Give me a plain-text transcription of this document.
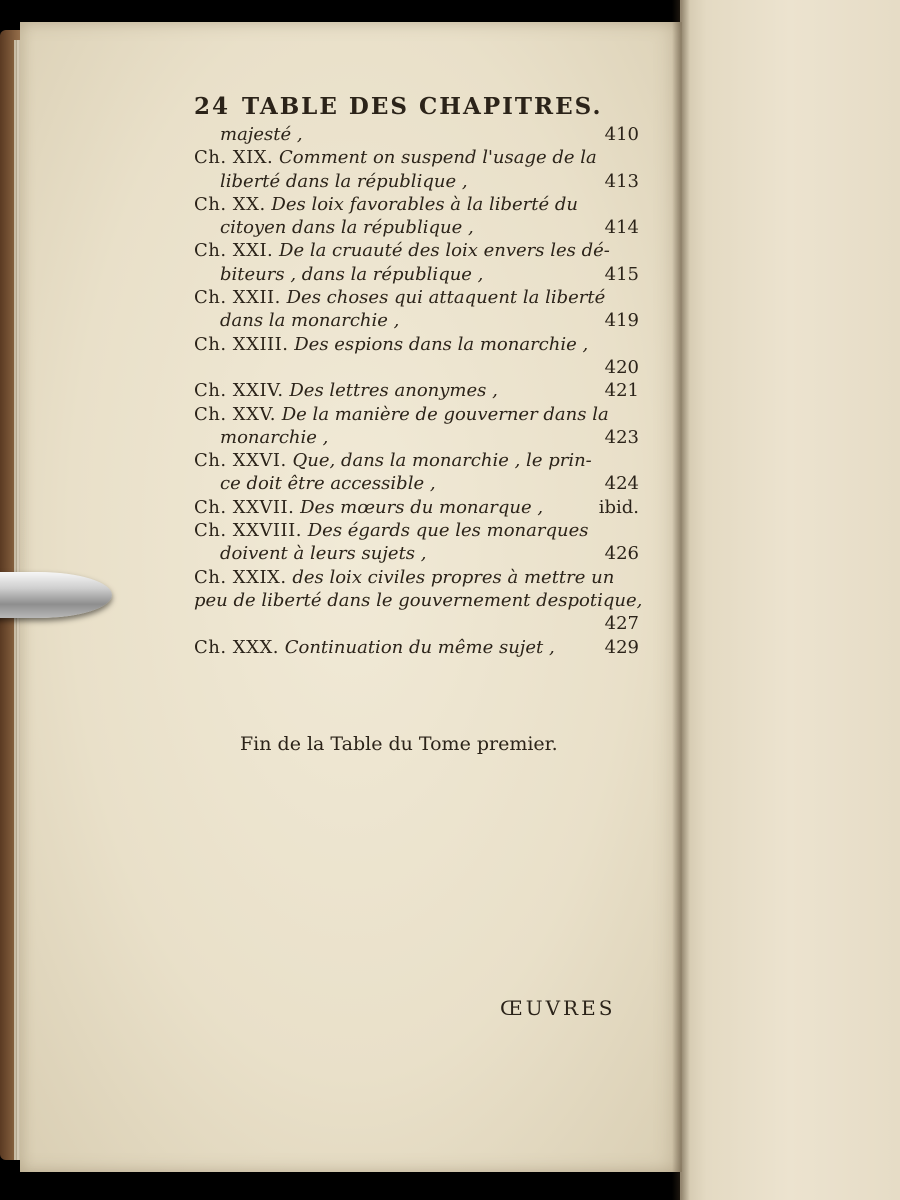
24 TABLE DES CHAPITRES.
majesté ,	410
Ch. XIX. Comment on suspend l'usage de la
liberté dans la république ,	413
Ch. XX. Des loix favorables à la liberté du
citoyen dans la république ,	414
Ch. XXI. De la cruauté des loix envers les dé-
biteurs , dans la république ,	415
Ch. XXII. Des choses qui attaquent la liberté
dans la monarchie ,	419
Ch. XXIII. Des espions dans la monarchie ,
420
Ch. XXIV. Des lettres anonymes ,	421
Ch. XXV. De la manière de gouverner dans la
monarchie ,	423
Ch. XXVI. Que, dans la monarchie , le prin-
ce doit être accessible ,	424
Ch. XXVII. Des mœurs du monarque ,	ibid.
Ch. XXVIII. Des égards que les monarques
doivent à leurs sujets ,	426
Ch. XXIX. des loix civiles propres à mettre un
peu de liberté dans le gouvernement despotique,
427
Ch. XXX. Continuation du même sujet ,	429
Fin de la Table du Tome premier.
ŒUVRES
